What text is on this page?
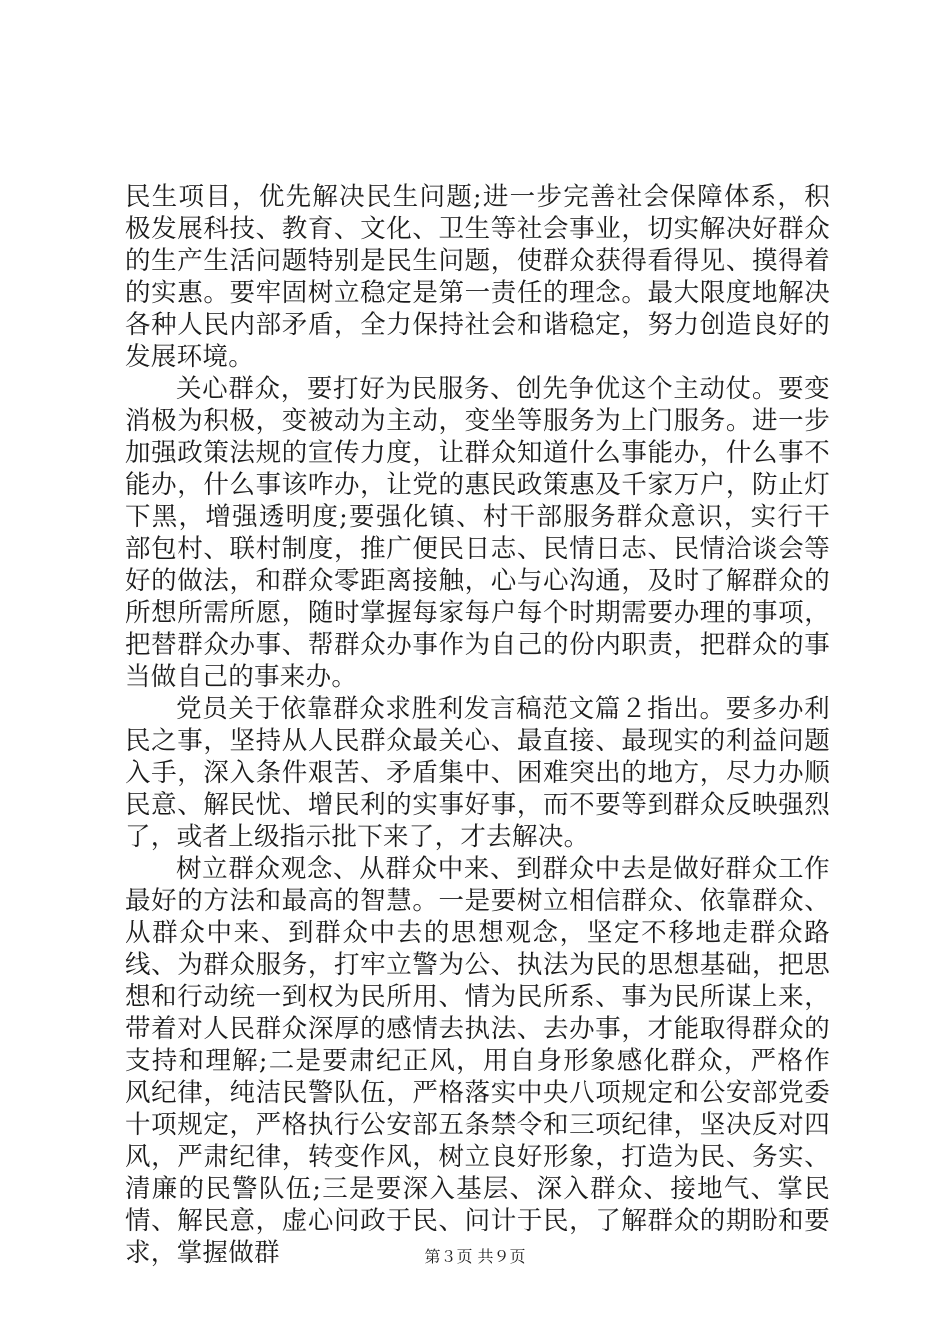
民生项目，优先解决民生问题;进一步完善社会保障体系，积极发展科技、教育、文化、卫生等社会事业，切实解决好群众的生产生活问题特别是民生问题，使群众获得看得见、摸得着的实惠。要牢固树立稳定是第一责任的理念。最大限度地解决各种人民内部矛盾，全力保持社会和谐稳定，努力创造良好的发展环境。

关心群众，要打好为民服务、创先争优这个主动仗。要变消极为积极，变被动为主动，变坐等服务为上门服务。进一步加强政策法规的宣传力度，让群众知道什么事能办，什么事不能办，什么事该咋办，让党的惠民政策惠及千家万户，防止灯下黑，增强透明度;要强化镇、村干部服务群众意识，实行干部包村、联村制度，推广便民日志、民情日志、民情洽谈会等好的做法，和群众零距离接触，心与心沟通，及时了解群众的所想所需所愿，随时掌握每家每户每个时期需要办理的事项，把替群众办事、帮群众办事作为自己的份内职责，把群众的事当做自己的事来办。

党员关于依靠群众求胜利发言稿范文篇２指出。要多办利民之事，坚持从人民群众最关心、最直接、最现实的利益问题入手，深入条件艰苦、矛盾集中、困难突出的地方，尽力办顺民意、解民忧、增民利的实事好事，而不要等到群众反映强烈了，或者上级指示批下来了，才去解决。

树立群众观念、从群众中来、到群众中去是做好群众工作最好的方法和最高的智慧。一是要树立相信群众、依靠群众、从群众中来、到群众中去的思想观念，坚定不移地走群众路线、为群众服务，打牢立警为公、执法为民的思想基础，把思想和行动统一到权为民所用、情为民所系、事为民所谋上来，带着对人民群众深厚的感情去执法、去办事，才能取得群众的支持和理解;二是要肃纪正风，用自身形象感化群众，严格作风纪律，纯洁民警队伍，严格落实中央八项规定和公安部党委十项规定，严格执行公安部五条禁令和三项纪律，坚决反对四风，严肃纪律，转变作风，树立良好形象，打造为民、务实、清廉的民警队伍;三是要深入基层、深入群众、接地气、掌民情、解民意，虚心问政于民、问计于民，了解群众的期盼和要求，掌握做群	第３页 共９页
